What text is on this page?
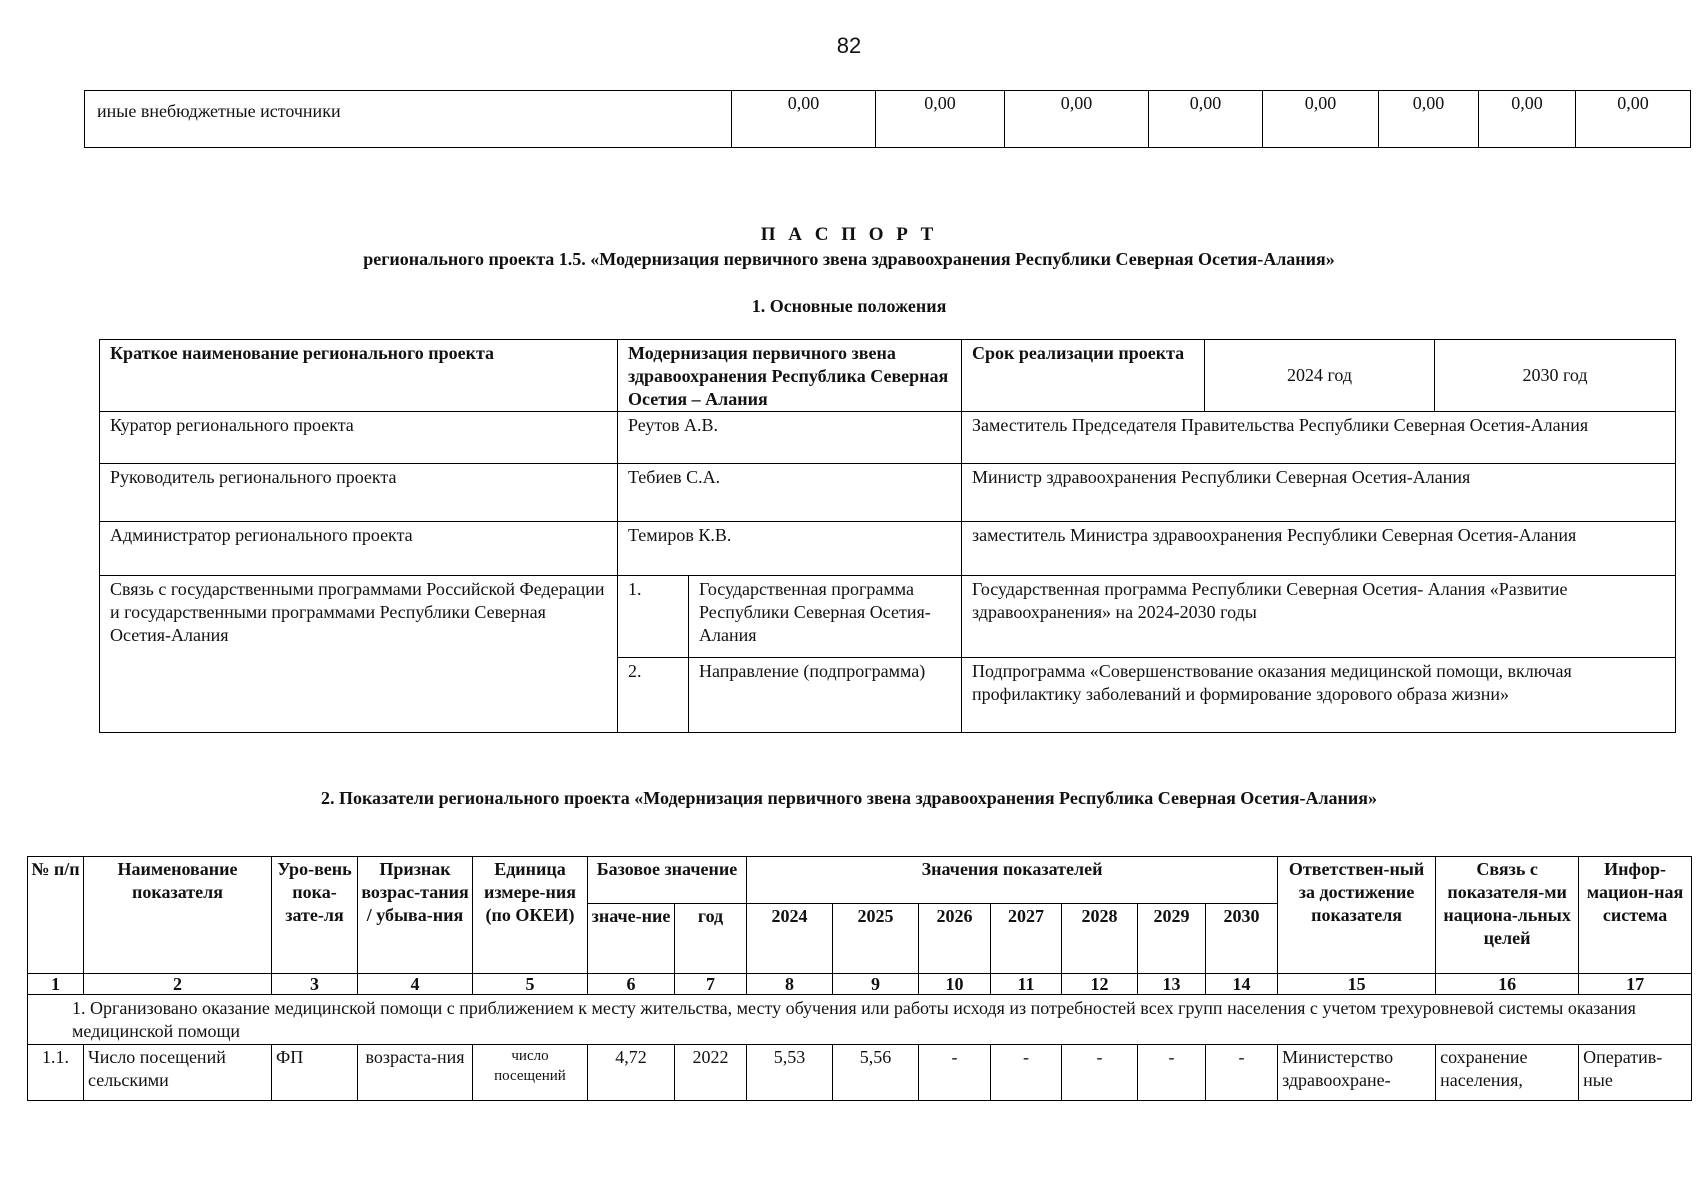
82
иные внебюджетные источники	0,00	0,00	0,00	0,00	0,00	0,00	0,00	0,00
П А С П О Р Т
регионального проекта 1.5. «Модернизация первичного звена здравоохранения Республики Северная Осетия-Алания»
1. Основные положения
Краткое наименование регионального проекта	Модернизация первичного звена здравоохранения Республика Северная Осетия – Алания		Срок реализации проекта	2024 год	2030 год
Куратор регионального проекта	Реутов А.В.		Заместитель Председателя Правительства Республики Северная Осетия-Алания		
Руководитель регионального проекта	Тебиев С.А.		Министр здравоохранения Республики Северная Осетия-Алания		
Администратор регионального проекта	Темиров К.В.		заместитель Министра здравоохранения Республики Северная Осетия-Алания		
Связь с государственными программами Российской Федерации и государственными программами Республики Северная Осетия-Алания	1.	Государственная программа Республики Северная Осетия-Алания	Государственная программа Республики Северная Осетия- Алания «Развитие здравоохранения» на 2024-2030 годы		
	2.	Направление (подпрограмма)	Подпрограмма «Совершенствование оказания медицинской помощи, включая профилактику заболеваний и формирование здорового образа жизни»		
2. Показатели регионального проекта «Модернизация первичного звена здравоохранения Республика Северная Осетия-Алания»
№ п/п	Наименование показателя	Уро-вень пока-зате-ля	Признак возрас-тания / убыва-ния	Единица измере-ния (по ОКЕИ)	Базовое значение		Значения показателей							Ответствен-ный за достижение показателя	Связь с показателя-ми национа-льных целей	Инфор-мацион-ная система
					значе-ние	год	2024	2025	2026	2027	2028	2029	2030			
1	2	3	4	5	6	7	8	9	10	11	12	13	14	15	16	17
1. Организовано оказание медицинской помощи с приближением к месту жительства, месту обучения или работы исходя из потребностей всех групп населения с учетом трехуровневой системы оказания медицинской помощи																
1.1.	Число посещений сельскими	ФП	возраста-ния	число посещений	4,72	2022	5,53	5,56	-	-	-	-	-	Министерство здравоохране-	сохранение населения,	Оператив-ные
